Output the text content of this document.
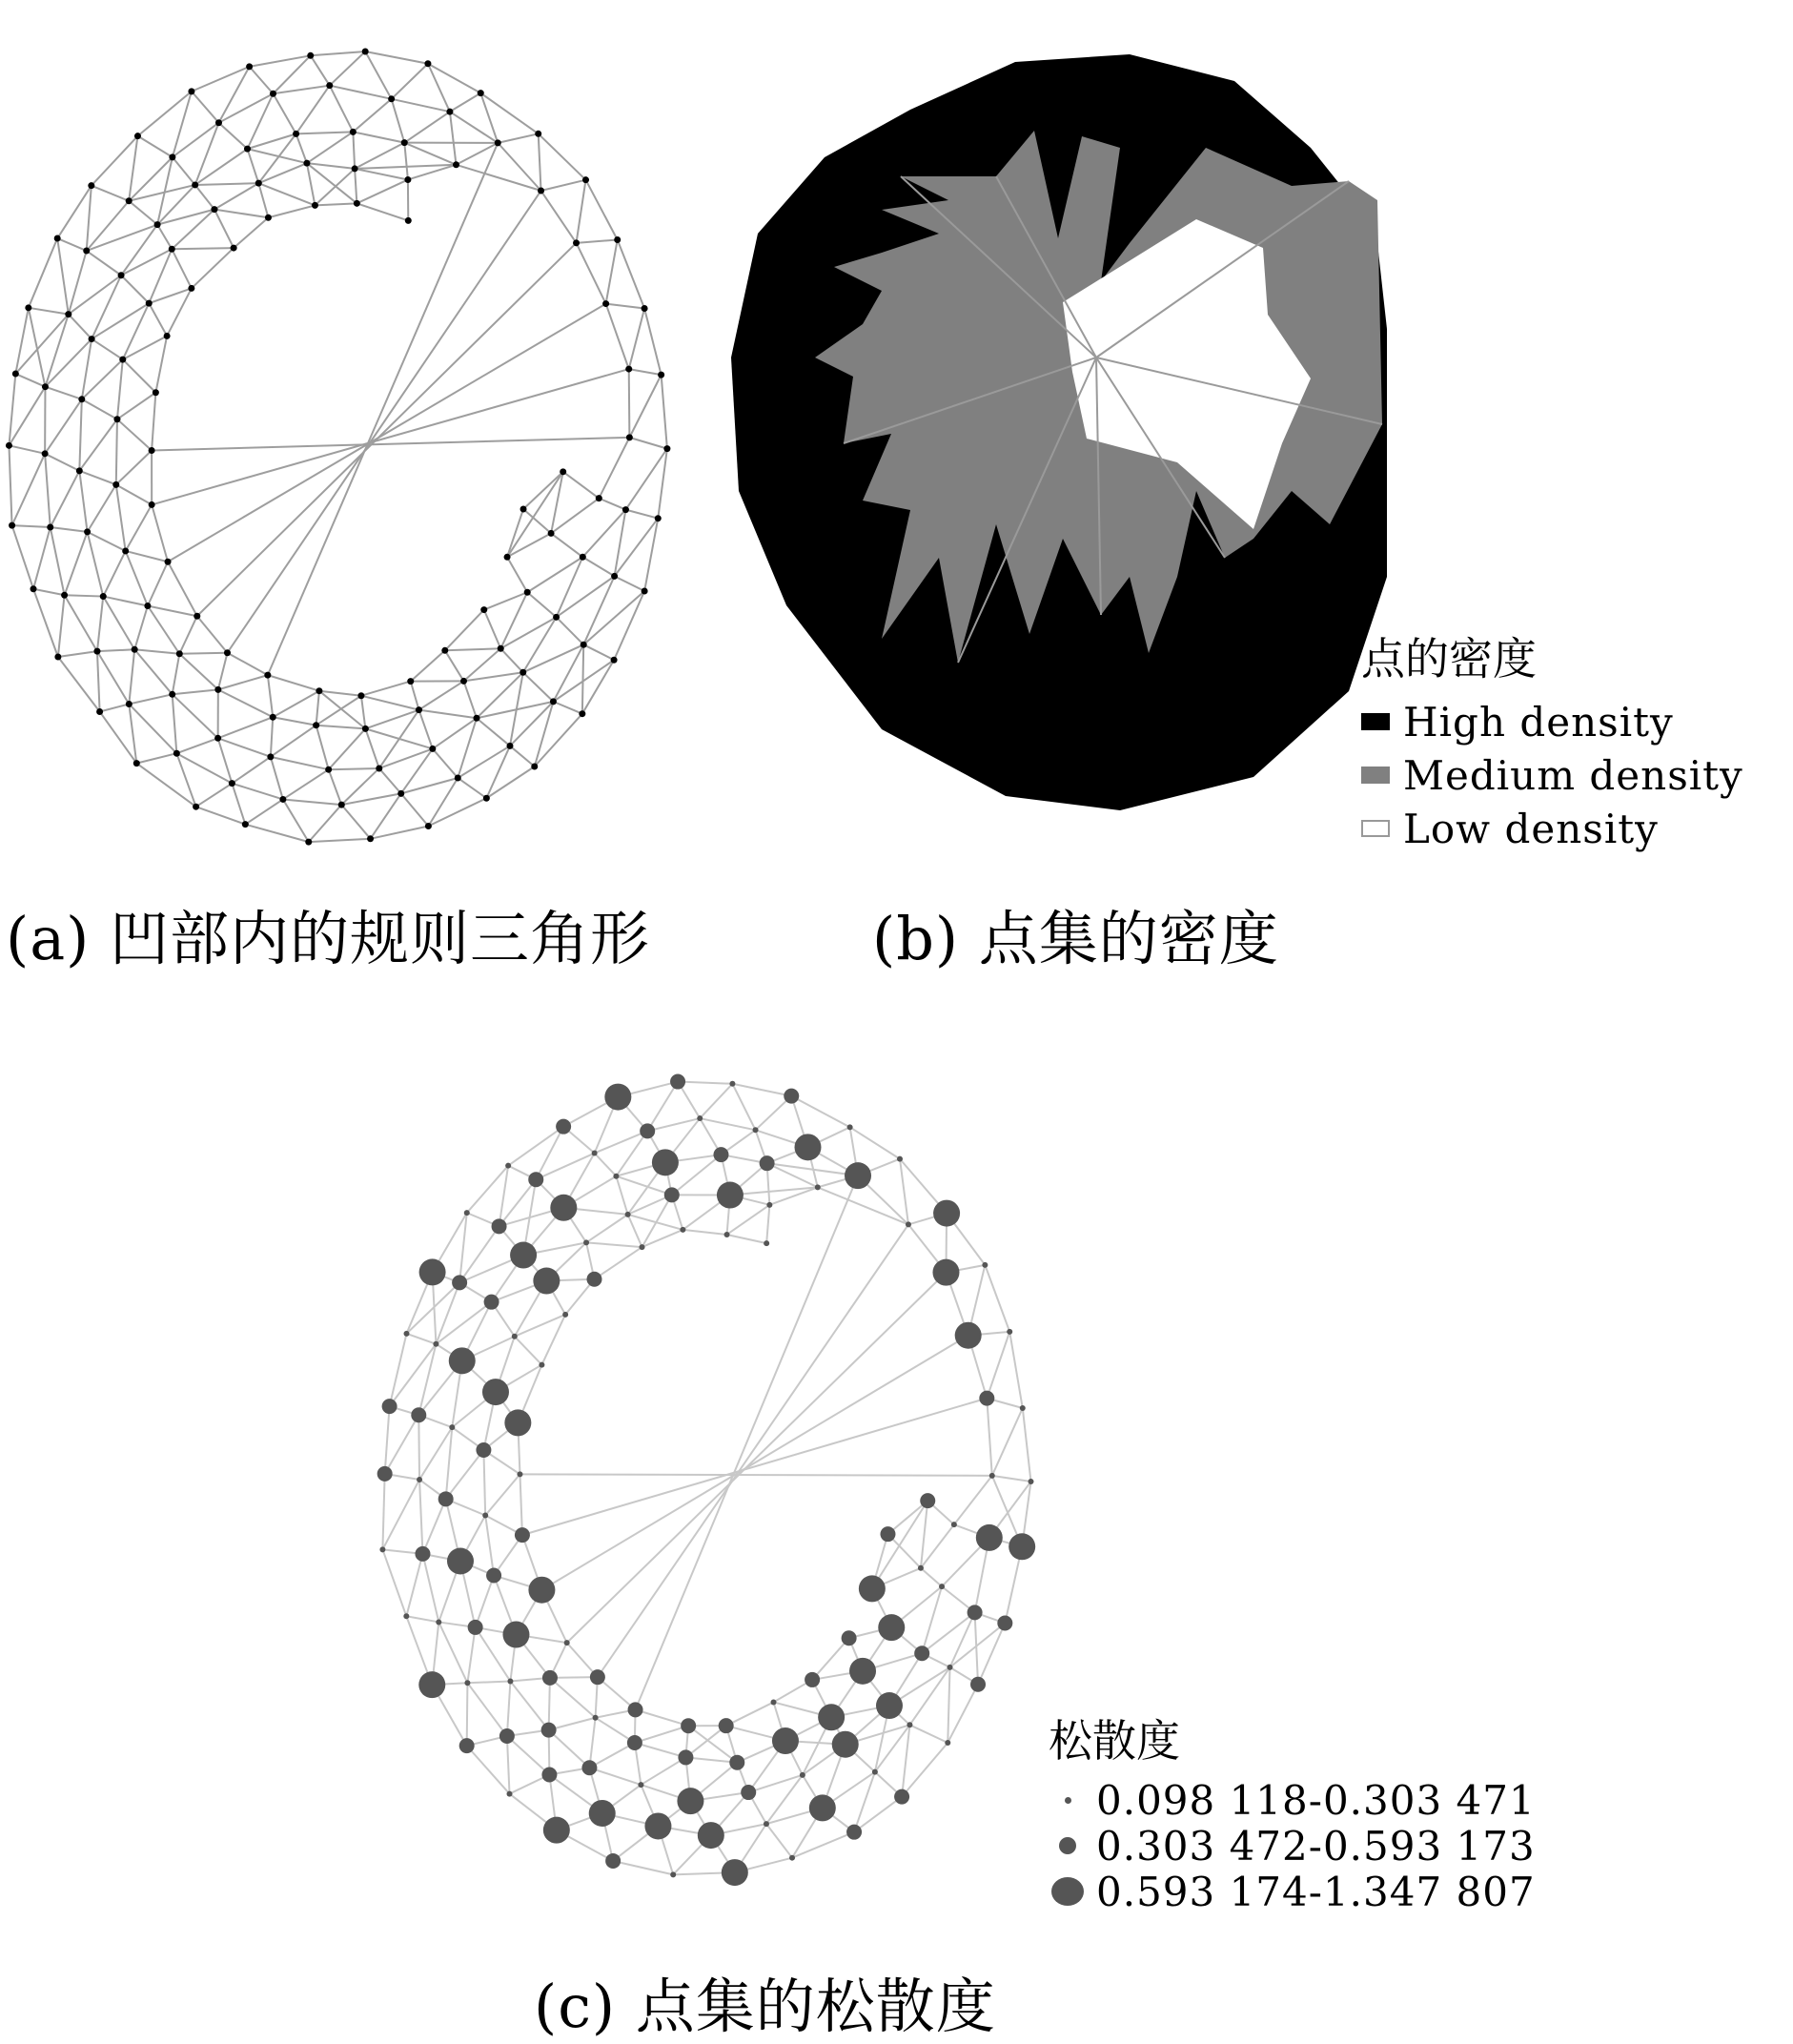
(a) 凹部内的规则三角形
点的密度
High density
Medium density
Low density
(b) 点集的密度
松散度
0.098 118-0.303 471
0.303 472-0.593 173
0.593 174-1.347 807
(c) 点集的松散度
